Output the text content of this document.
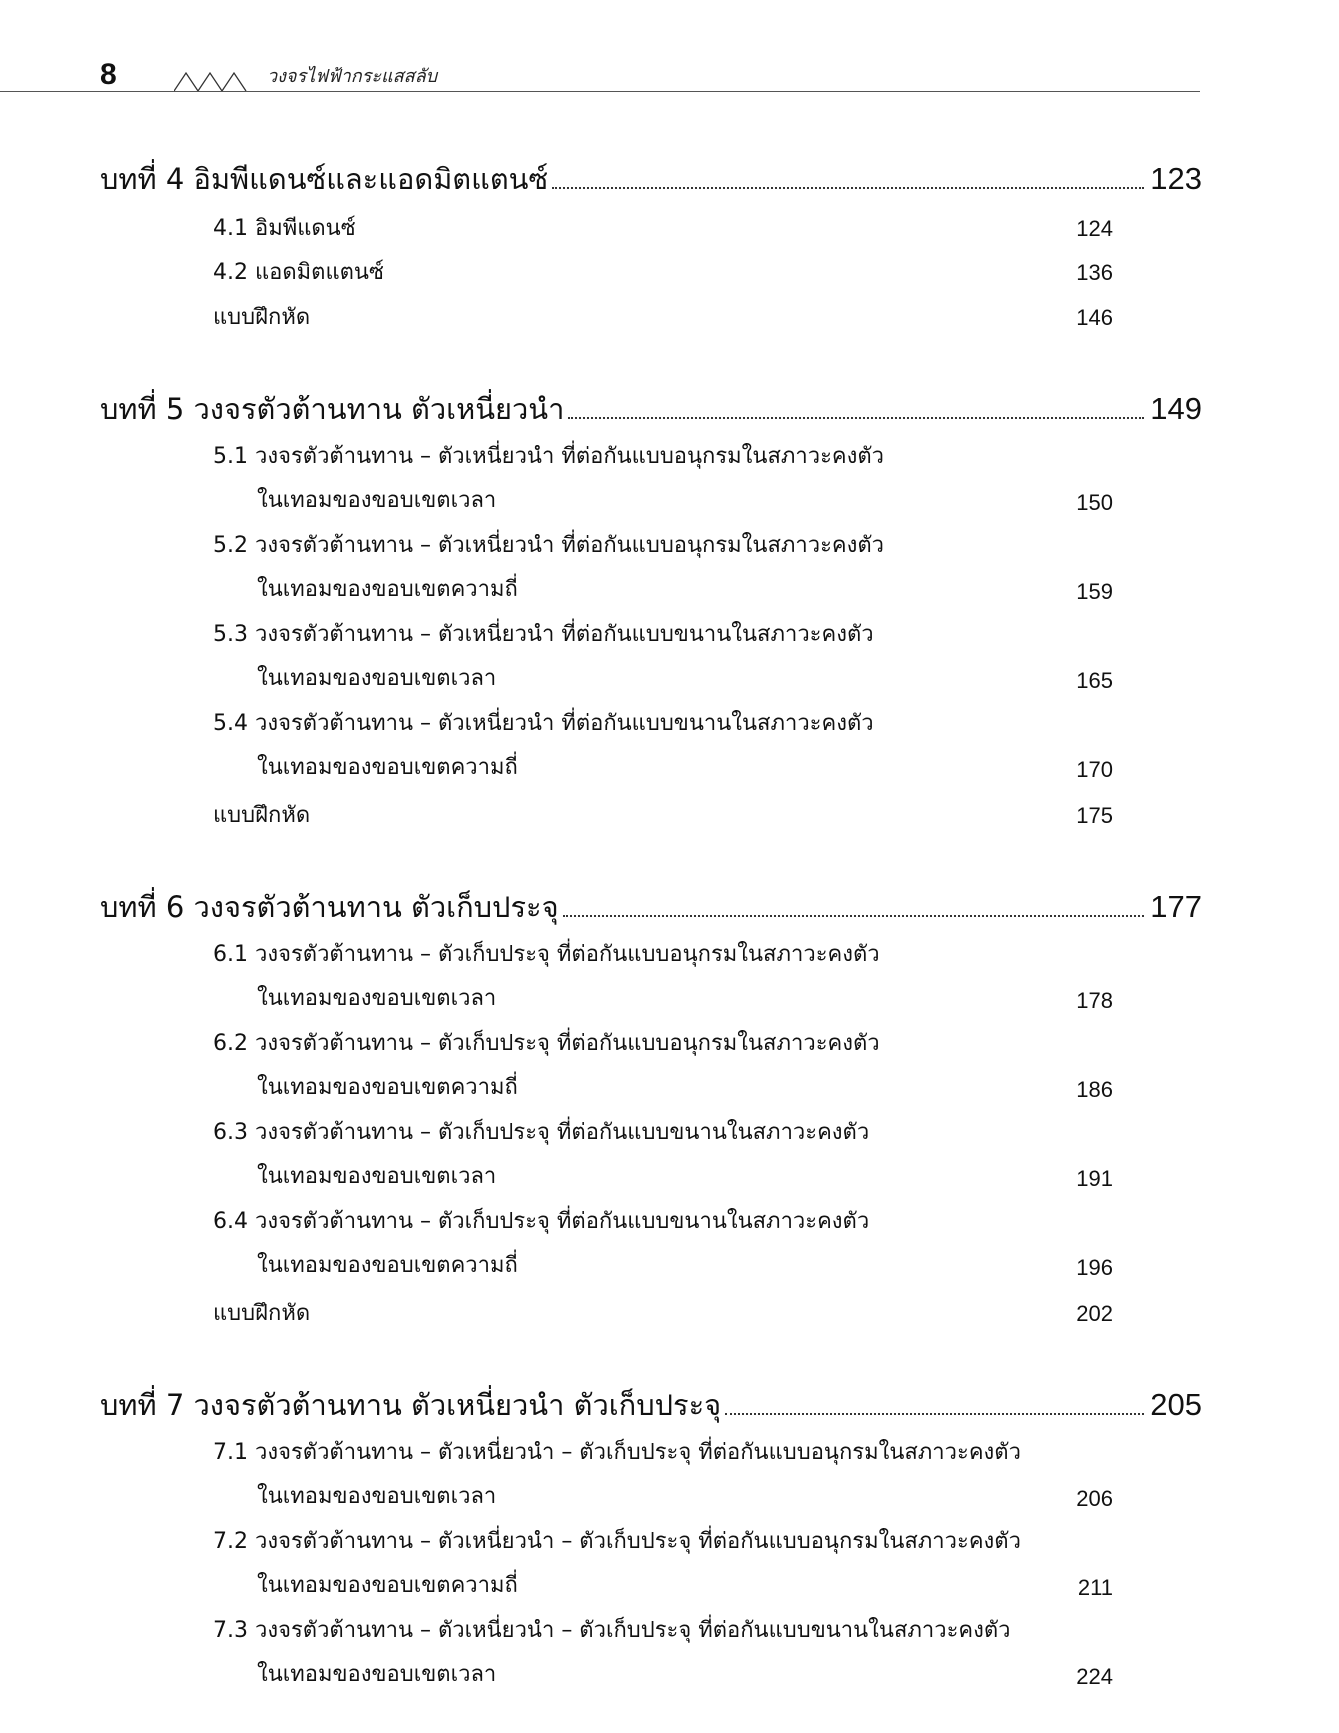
8	วงจรไฟฟ้ากระแสสลับ
บทที่ 4 อิมพีแดนซ์และแอดมิตแตนซ์	123
4.1 อิมพีแดนซ์	124
4.2 แอดมิตแตนซ์	136
แบบฝึกหัด	146
บทที่ 5 วงจรตัวต้านทาน ตัวเหนี่ยวนำ	149
5.1 วงจรตัวต้านทาน – ตัวเหนี่ยวนำ ที่ต่อกันแบบอนุกรมในสภาวะคงตัว
ในเทอมของขอบเขตเวลา	150
5.2 วงจรตัวต้านทาน – ตัวเหนี่ยวนำ ที่ต่อกันแบบอนุกรมในสภาวะคงตัว
ในเทอมของขอบเขตความถี่	159
5.3 วงจรตัวต้านทาน – ตัวเหนี่ยวนำ ที่ต่อกันแบบขนานในสภาวะคงตัว
ในเทอมของขอบเขตเวลา	165
5.4 วงจรตัวต้านทาน – ตัวเหนี่ยวนำ ที่ต่อกันแบบขนานในสภาวะคงตัว
ในเทอมของขอบเขตความถี่	170
แบบฝึกหัด	175
บทที่ 6 วงจรตัวต้านทาน ตัวเก็บประจุ	177
6.1 วงจรตัวต้านทาน – ตัวเก็บประจุ ที่ต่อกันแบบอนุกรมในสภาวะคงตัว
ในเทอมของขอบเขตเวลา	178
6.2 วงจรตัวต้านทาน – ตัวเก็บประจุ ที่ต่อกันแบบอนุกรมในสภาวะคงตัว
ในเทอมของขอบเขตความถี่	186
6.3 วงจรตัวต้านทาน – ตัวเก็บประจุ ที่ต่อกันแบบขนานในสภาวะคงตัว
ในเทอมของขอบเขตเวลา	191
6.4 วงจรตัวต้านทาน – ตัวเก็บประจุ ที่ต่อกันแบบขนานในสภาวะคงตัว
ในเทอมของขอบเขตความถี่	196
แบบฝึกหัด	202
บทที่ 7 วงจรตัวต้านทาน ตัวเหนี่ยวนำ ตัวเก็บประจุ	205
7.1 วงจรตัวต้านทาน – ตัวเหนี่ยวนำ – ตัวเก็บประจุ ที่ต่อกันแบบอนุกรมในสภาวะคงตัว
ในเทอมของขอบเขตเวลา	206
7.2 วงจรตัวต้านทาน – ตัวเหนี่ยวนำ – ตัวเก็บประจุ ที่ต่อกันแบบอนุกรมในสภาวะคงตัว
ในเทอมของขอบเขตความถี่	211
7.3 วงจรตัวต้านทาน – ตัวเหนี่ยวนำ – ตัวเก็บประจุ ที่ต่อกันแบบขนานในสภาวะคงตัว
ในเทอมของขอบเขตเวลา	224
